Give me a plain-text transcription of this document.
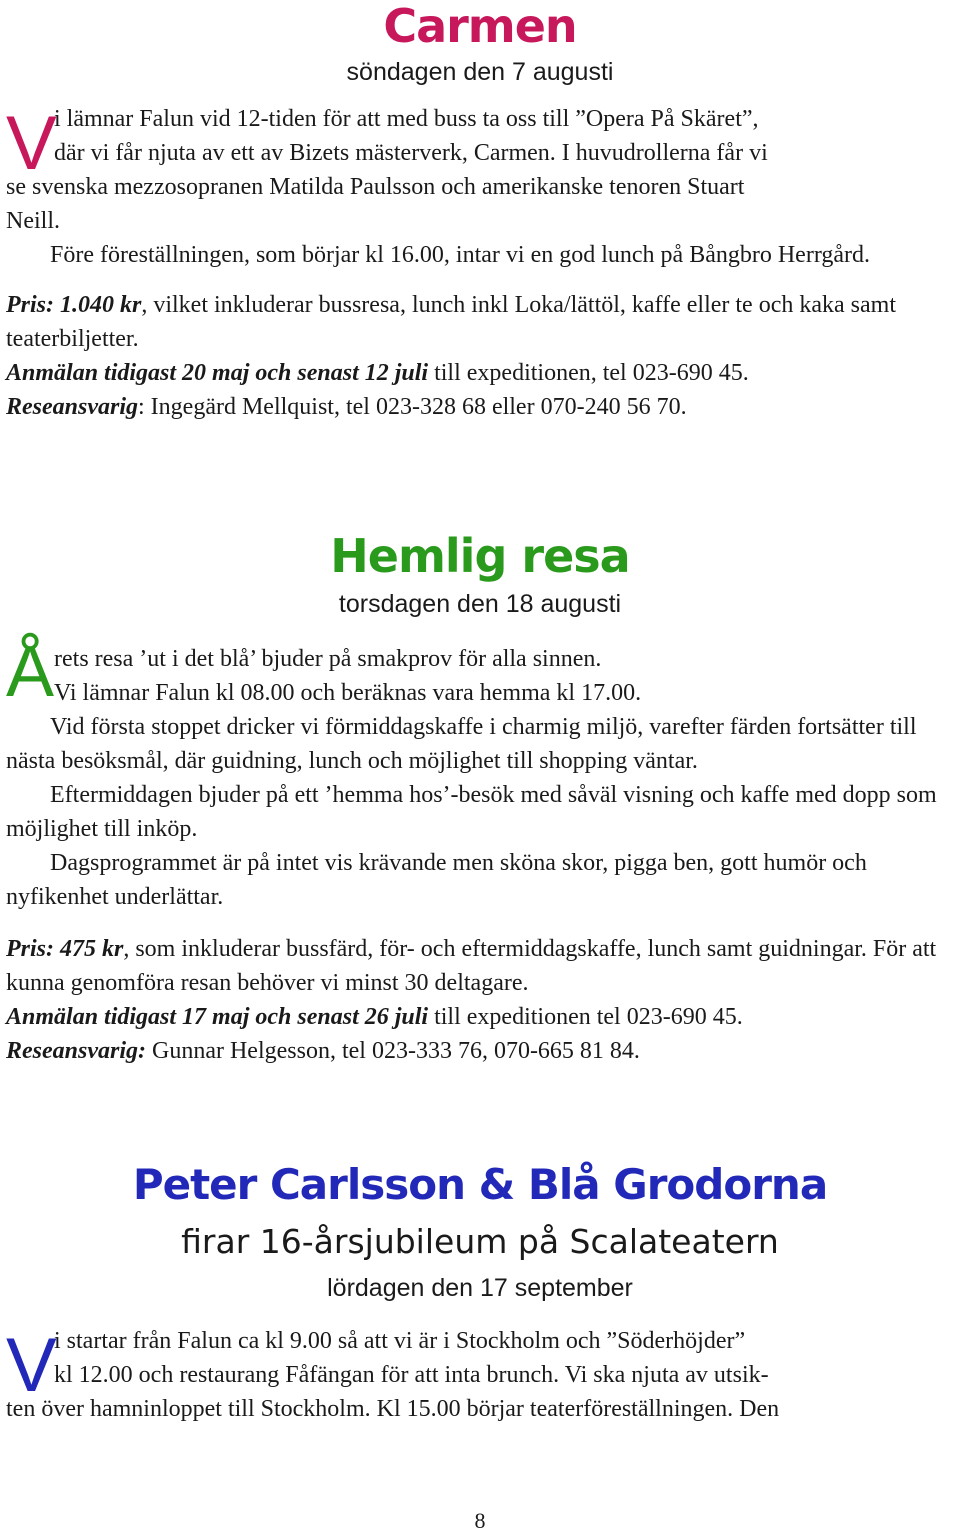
Carmen

söndagen den 7 augusti

V

i lämnar Falun vid 12-tiden för att med buss ta oss till ”Opera På Skäret”,

där vi får njuta av ett av Bizets mästerverk, Carmen. I huvudrollerna får vi

se svenska mezzosopranen Matilda Paulsson och amerikanske tenoren Stuart

Neill.

Före föreställningen, som börjar kl 16.00, intar vi en god lunch på Bångbro Herrgård.

Pris: 1.040 kr, vilket inkluderar bussresa, lunch inkl Loka/lättöl, kaffe eller te och kaka samt teaterbiljetter.

Anmälan tidigast 20 maj och senast 12 juli till expeditionen, tel 023-690 45.

Reseansvarig: Ingegärd Mellquist, tel 023-328 68 eller 070-240 56 70.

Hemlig resa

torsdagen den 18 augusti

Å rets resa ’ut i det blå’ bjuder på smakprov för alla sinnen.

Vi lämnar Falun kl 08.00 och beräknas vara hemma kl 17.00.

Vid första stoppet dricker vi förmiddagskaffe i charmig miljö, varefter färden fortsätter till nästa besöksmål, där guidning, lunch och möjlighet till shopping väntar.

Eftermiddagen bjuder på ett ’hemma hos’-besök med såväl visning och kaffe med dopp som möjlighet till inköp.

Dagsprogrammet är på intet vis krävande men sköna skor, pigga ben, gott humör och nyfikenhet underlättar.

Pris: 475 kr, som inkluderar bussfärd, för- och eftermiddagskaffe, lunch samt guidningar. För att kunna genomföra resan behöver vi minst 30 deltagare.

Anmälan tidigast 17 maj och senast 26 juli till expeditionen tel 023-690 45.

Reseansvarig: Gunnar Helgesson, tel 023-333 76, 070-665 81 84.

Peter Carlsson & Blå Grodorna

firar 16-årsjubileum på Scalateatern

lördagen den 17 september

V

i startar från Falun ca kl 9.00 så att vi är i Stockholm och ”Söderhöjder”

kl 12.00 och restaurang Fåfängan för att inta brunch. Vi ska njuta av utsik-

ten över hamninloppet till Stockholm. Kl 15.00 börjar teaterföreställningen. Den

8
